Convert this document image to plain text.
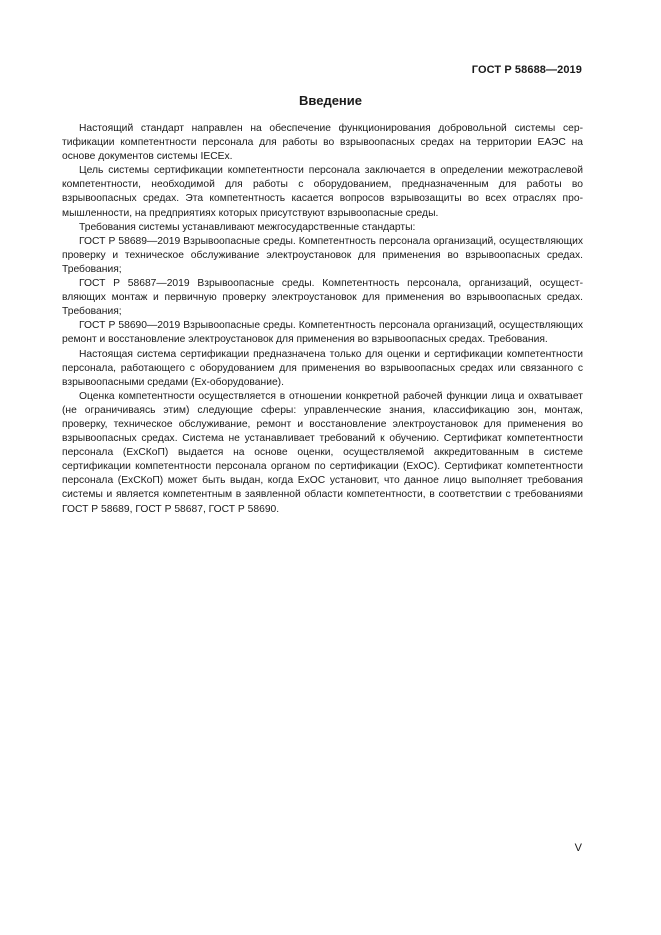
ГОСТ Р 58688—2019

Введение

Настоящий стандарт направлен на обеспечение функционирования добровольной системы сертификации компетентности персонала для работы во взрывоопасных средах на территории ЕАЭС на основе документов системы IECEx.

Цель системы сертификации компетентности персонала заключается в определении межотраслевой компетентности, необходимой для работы с оборудованием, предназначенным для работы во взрывоопасных средах. Эта компетентность касается вопросов взрывозащиты во всех отраслях промышленности, на предприятиях которых присутствуют взрывоопасные среды.

Требования системы устанавливают межгосударственные стандарты:

ГОСТ Р 58689—2019 Взрывоопасные среды. Компетентность персонала организаций, осуществляющих проверку и техническое обслуживание электроустановок для применения во взрывоопасных средах. Требования;

ГОСТ Р 58687—2019 Взрывоопасные среды. Компетентность персонала, организаций, осуществляющих монтаж и первичную проверку электроустановок для применения во взрывоопасных средах. Требования;

ГОСТ Р 58690—2019 Взрывоопасные среды. Компетентность персонала организаций, осуществляющих ремонт и восстановление электроустановок для применения во взрывоопасных средах. Требования.

Настоящая система сертификации предназначена только для оценки и сертификации компетентности персонала, работающего с оборудованием для применения во взрывоопасных средах или связанного с взрывоопасными средами (Ех-оборудование).

Оценка компетентности осуществляется в отношении конкретной рабочей функции лица и охватывает (не ограничиваясь этим) следующие сферы: управленческие знания, классификацию зон, монтаж, проверку, техническое обслуживание, ремонт и восстановление электроустановок для применения во взрывоопасных средах. Система не устанавливает требований к обучению. Сертификат компетентности персонала (ExСКоП) выдается на основе оценки, осуществляемой аккредитованным в системе сертификации компетентности персонала органом по сертификации (ExОС). Сертификат компетентности персонала (ExСКоП) может быть выдан, когда ExОС установит, что данное лицо выполняет требования системы и является компетентным в заявленной области компетентности, в соответствии с требованиями ГОСТ Р 58689, ГОСТ Р 58687, ГОСТ Р 58690.

V
